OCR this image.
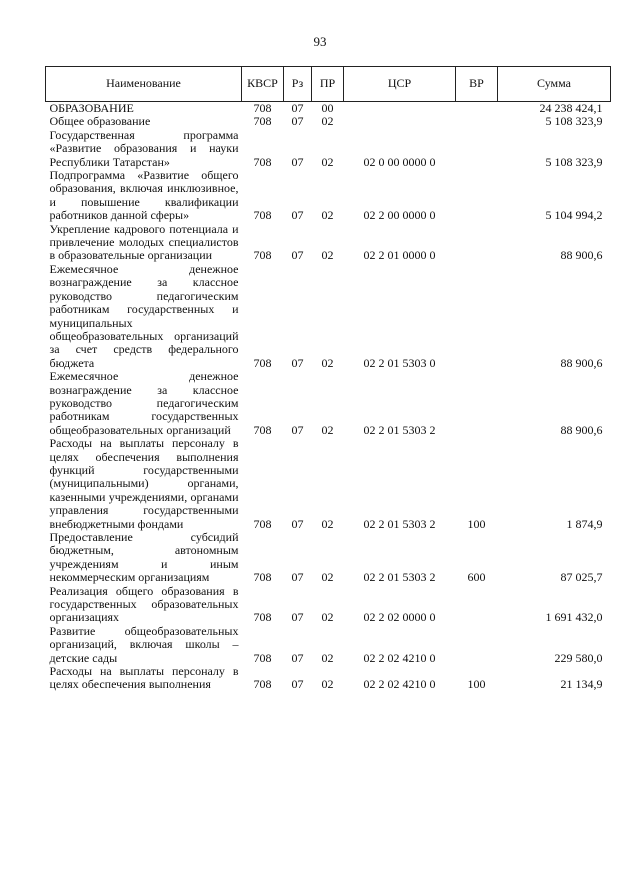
93
Наименование	КВСР	Рз	ПР	ЦСР	ВР	Сумма
ОБРАЗОВАНИЕ	708	07	00			24 238 424,1
Общее образование	708	07	02			5 108 323,9
Государственная программа «Развитие образования и науки Республики Татарстан»	708	07	02	02 0 00 0000 0		5 108 323,9
Подпрограмма «Развитие общего образования, включая инклюзивное, и повышение квалификации работников данной сферы»	708	07	02	02 2 00 0000 0		5 104 994,2
Укрепление кадрового потенциала и привлечение молодых специалистов в образовательные организации	708	07	02	02 2 01 0000 0		88 900,6
Ежемесячное денежное вознаграждение за классное руководство педагогическим работникам государственных и муниципальных общеобразовательных организаций за счет средств федерального бюджета	708	07	02	02 2 01 5303 0		88 900,6
Ежемесячное денежное вознаграждение за классное руководство педагогическим работникам государственных общеобразовательных организаций	708	07	02	02 2 01 5303 2		88 900,6
Расходы на выплаты персоналу в целях обеспечения выполнения функций государственными (муниципальными) органами, казенными учреждениями, органами управления государственными внебюджетными фондами	708	07	02	02 2 01 5303 2	100	1 874,9
Предоставление субсидий бюджетным, автономным учреждениям и иным некоммерческим организациям	708	07	02	02 2 01 5303 2	600	87 025,7
Реализация общего образования в государственных образовательных организациях	708	07	02	02 2 02 0000 0		1 691 432,0
Развитие общеобразовательных организаций, включая школы – детские сады	708	07	02	02 2 02 4210 0		229 580,0
Расходы на выплаты персоналу в целях обеспечения выполнения	708	07	02	02 2 02 4210 0	100	21 134,9
